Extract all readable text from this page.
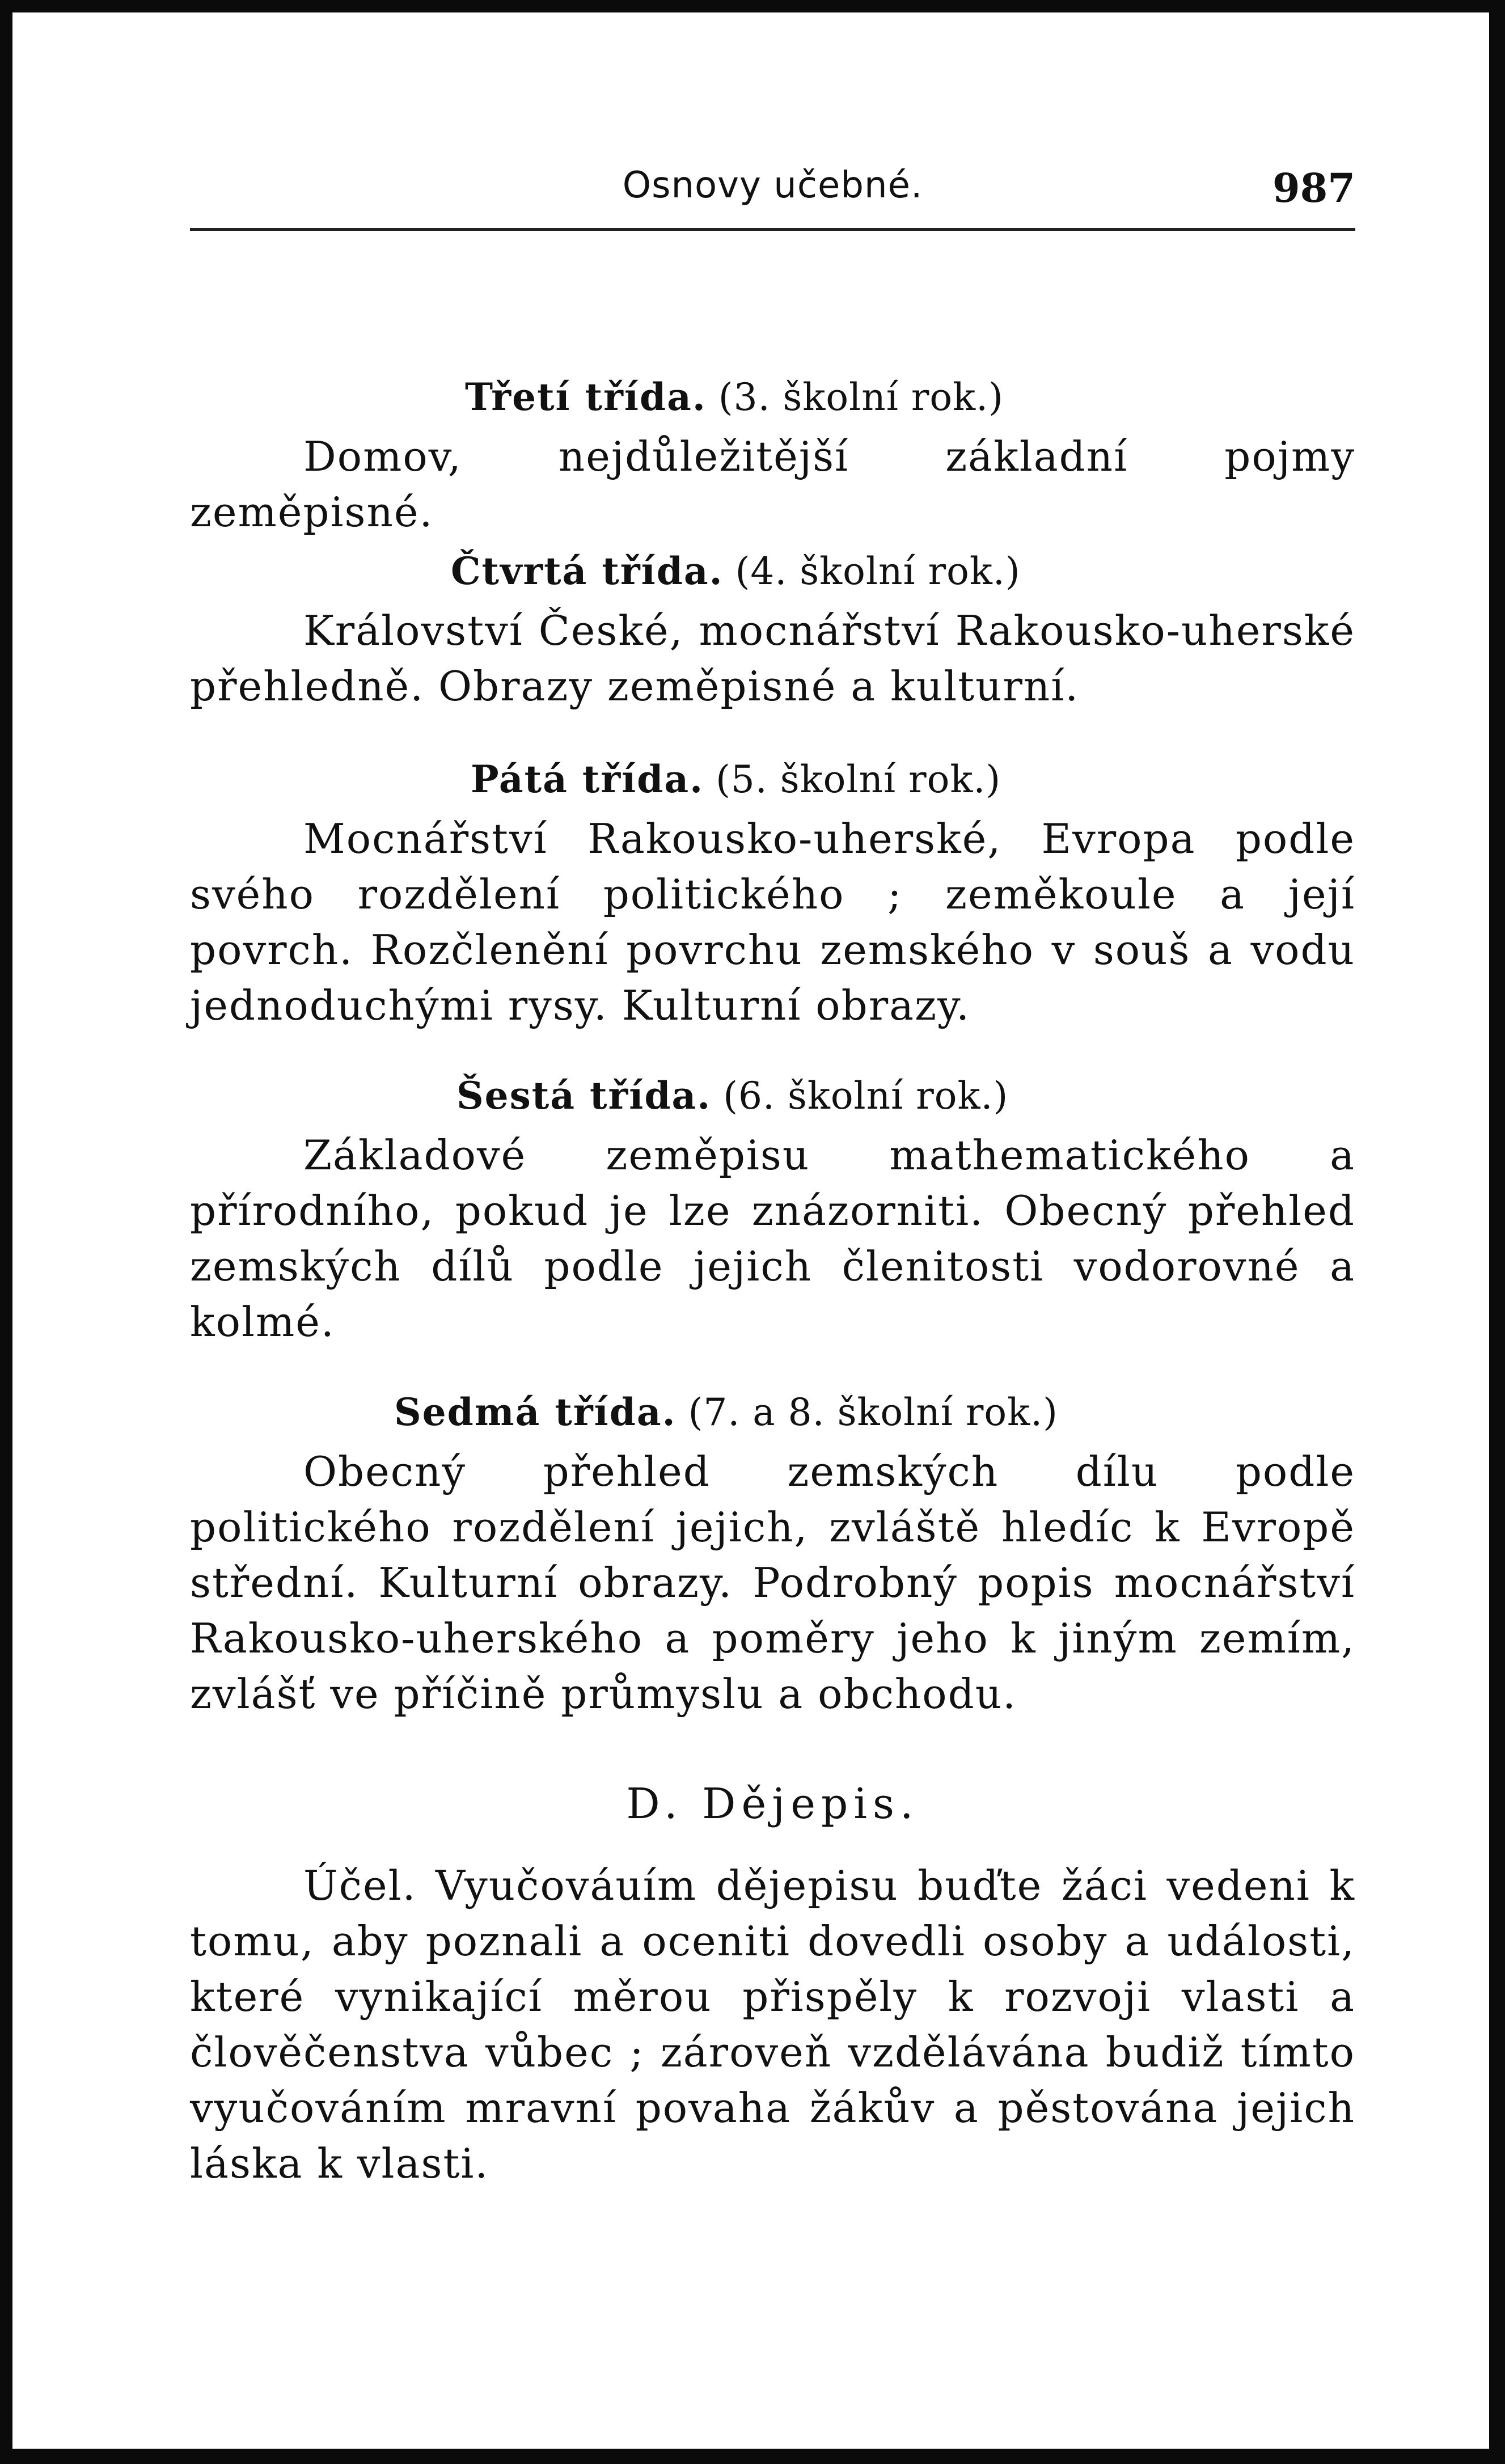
Osnovy učebné.	987
Třetí třída. (3. školní rok.)

Domov, nejdůležitější základní pojmy zeměpisné.

Čtvrtá třída. (4. školní rok.)

Království České, mocnářství Rakousko-uherské přehledně. Obrazy zeměpisné a kulturní.

Pátá třída. (5. školní rok.)

Mocnářství Rakousko-uherské, Evropa podle svého rozdělení politického ; zeměkoule a její povrch. Rozčlenění povrchu zemského v souš a vodu jednoduchými rysy. Kulturní obrazy.

Šestá třída. (6. školní rok.)

Základové zeměpisu mathematického a přírodního, pokud je lze znázorniti. Obecný přehled zemských dílů podle jejich členitosti vodorovné a kolmé.

Sedmá třída. (7. a 8. školní rok.)

Obecný přehled zemských dílu podle politického rozdělení jejich, zvláště hledíc k Evropě střední. Kulturní obrazy. Podrobný popis mocnářství Rakousko-uherského a poměry jeho k jiným zemím, zvlášť ve příčině průmyslu a obchodu.

D. Dějepis.

Účel. Vyučováuím dějepisu buďte žáci vedeni k tomu, aby poznali a oceniti dovedli osoby a události, které vynikající měrou přispěly k rozvoji vlasti a člověčenstva vůbec ; zároveň vzdělávána budiž tímto vyučováním mravní povaha žákův a pěstována jejich láska k vlasti.
